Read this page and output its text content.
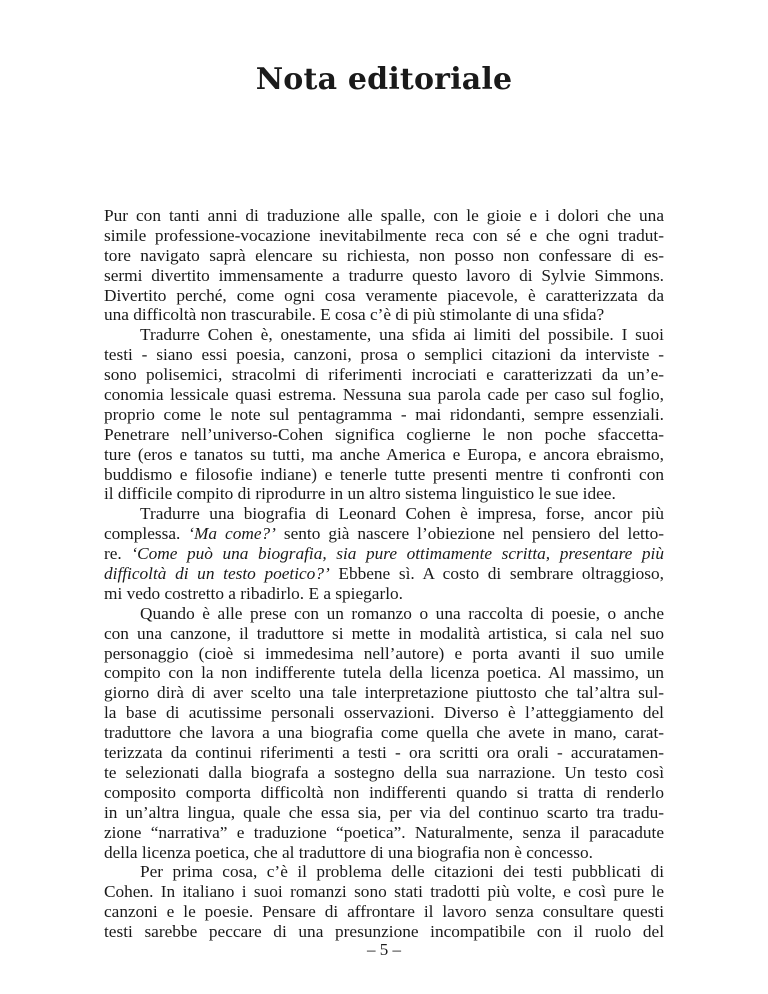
Nota editoriale
Pur con tanti anni di traduzione alle spalle, con le gioie e i dolori che una
simile professione-vocazione inevitabilmente reca con sé e che ogni tradut-
tore navigato saprà elencare su richiesta, non posso non confessare di es-
sermi divertito immensamente a tradurre questo lavoro di Sylvie Simmons.
Divertito perché, come ogni cosa veramente piacevole, è caratterizzata da
una difficoltà non trascurabile. E cosa c’è di più stimolante di una sfida?
Tradurre Cohen è, onestamente, una sfida ai limiti del possibile. I suoi
testi - siano essi poesia, canzoni, prosa o semplici citazioni da interviste -
sono polisemici, stracolmi di riferimenti incrociati e caratterizzati da un’e-
conomia lessicale quasi estrema. Nessuna sua parola cade per caso sul foglio,
proprio come le note sul pentagramma - mai ridondanti, sempre essenziali.
Penetrare nell’universo-Cohen significa coglierne le non poche sfaccetta-
ture (eros e tanatos su tutti, ma anche America e Europa, e ancora ebraismo,
buddismo e filosofie indiane) e tenerle tutte presenti mentre ti confronti con
il difficile compito di riprodurre in un altro sistema linguistico le sue idee.
Tradurre una biografia di Leonard Cohen è impresa, forse, ancor più
complessa. ‘Ma come?’ sento già nascere l’obiezione nel pensiero del letto-
re. ‘Come può una biografia, sia pure ottimamente scritta, presentare più
difficoltà di un testo poetico?’ Ebbene sì. A costo di sembrare oltraggioso,
mi vedo costretto a ribadirlo. E a spiegarlo.
Quando è alle prese con un romanzo o una raccolta di poesie, o anche
con una canzone, il traduttore si mette in modalità artistica, si cala nel suo
personaggio (cioè si immedesima nell’autore) e porta avanti il suo umile
compito con la non indifferente tutela della licenza poetica. Al massimo, un
giorno dirà di aver scelto una tale interpretazione piuttosto che tal’altra sul-
la base di acutissime personali osservazioni. Diverso è l’atteggiamento del
traduttore che lavora a una biografia come quella che avete in mano, carat-
terizzata da continui riferimenti a testi - ora scritti ora orali - accuratamen-
te selezionati dalla biografa a sostegno della sua narrazione. Un testo così
composito comporta difficoltà non indifferenti quando si tratta di renderlo
in un’altra lingua, quale che essa sia, per via del continuo scarto tra tradu-
zione “narrativa” e traduzione “poetica”. Naturalmente, senza il paracadute
della licenza poetica, che al traduttore di una biografia non è concesso.
Per prima cosa, c’è il problema delle citazioni dei testi pubblicati di
Cohen. In italiano i suoi romanzi sono stati tradotti più volte, e così pure le
canzoni e le poesie. Pensare di affrontare il lavoro senza consultare questi
testi sarebbe peccare di una presunzione incompatibile con il ruolo del
– 5 –
